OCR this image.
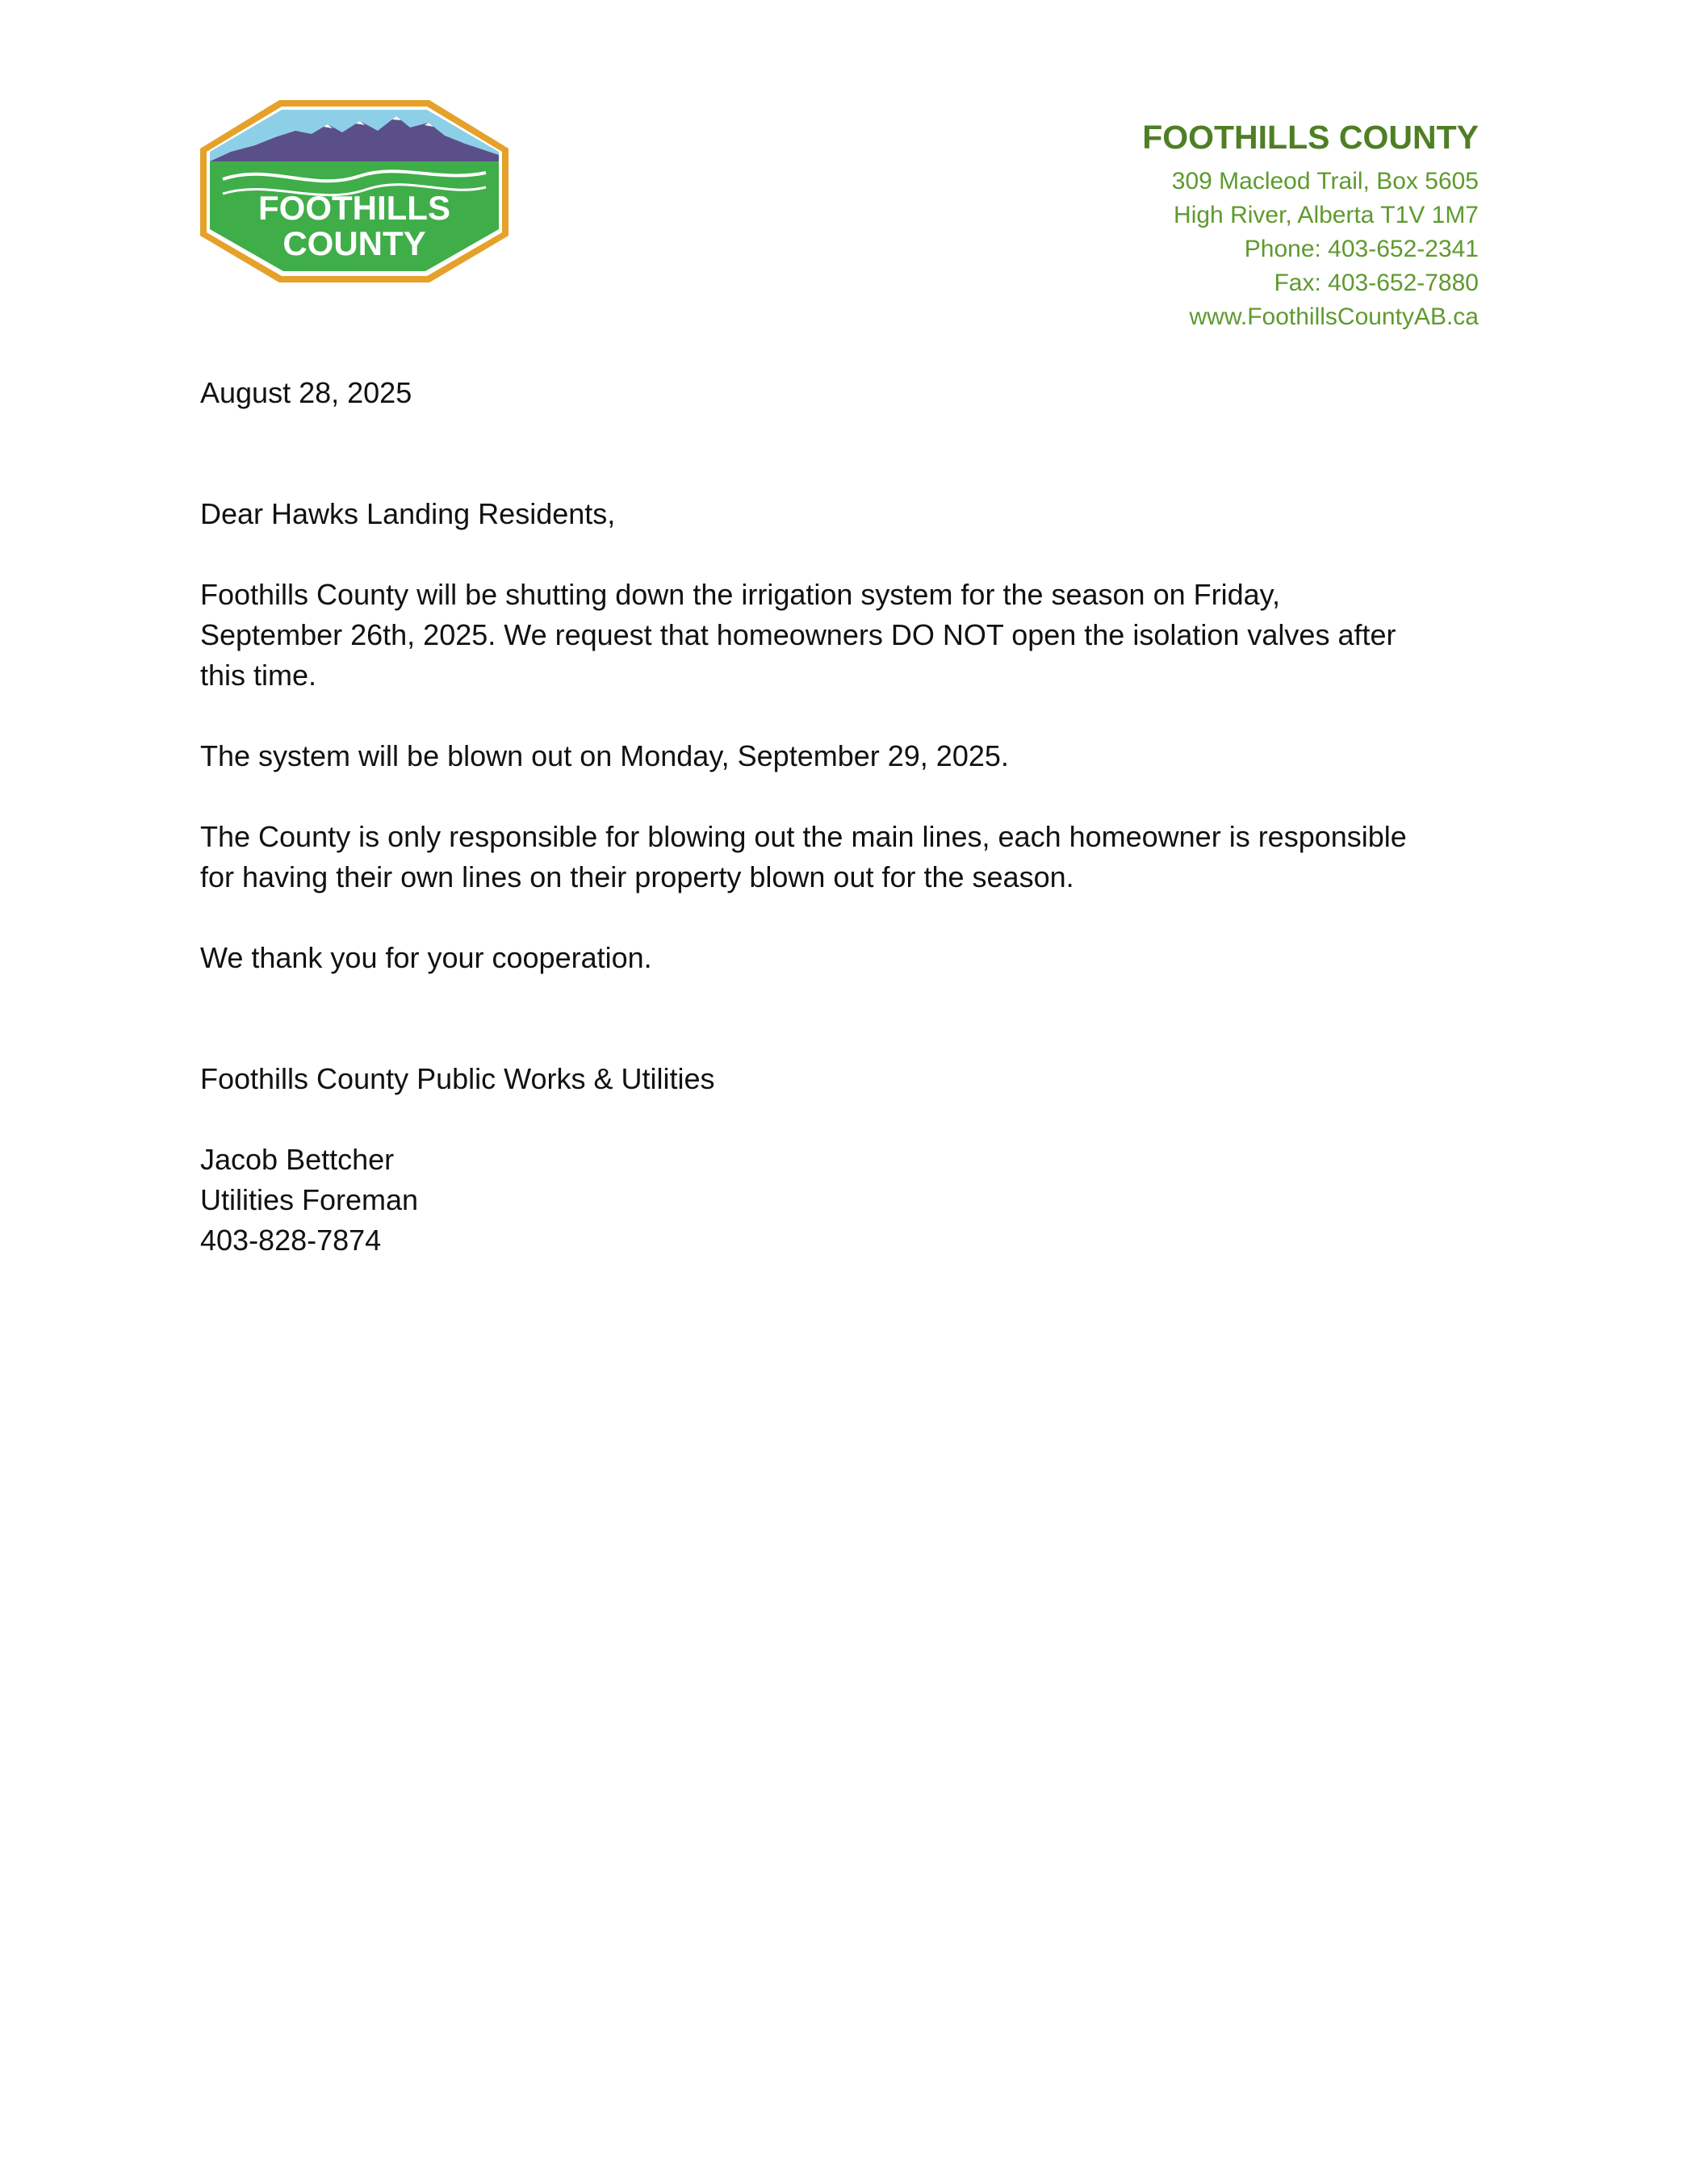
FOOTHILLS
COUNTY
FOOTHILLS COUNTY
309 Macleod Trail, Box 5605
High River, Alberta T1V 1M7
Phone: 403-652-2341
Fax: 403-652-7880
www.FoothillsCountyAB.ca
August 28, 2025
Dear Hawks Landing Residents,
Foothills County will be shutting down the irrigation system for the season on Friday,
September 26th, 2025. We request that homeowners DO NOT open the isolation valves after
this time.
The system will be blown out on Monday, September 29, 2025.
The County is only responsible for blowing out the main lines, each homeowner is responsible
for having their own lines on their property blown out for the season.
We thank you for your cooperation.
Foothills County Public Works & Utilities
Jacob Bettcher
Utilities Foreman
403-828-7874
